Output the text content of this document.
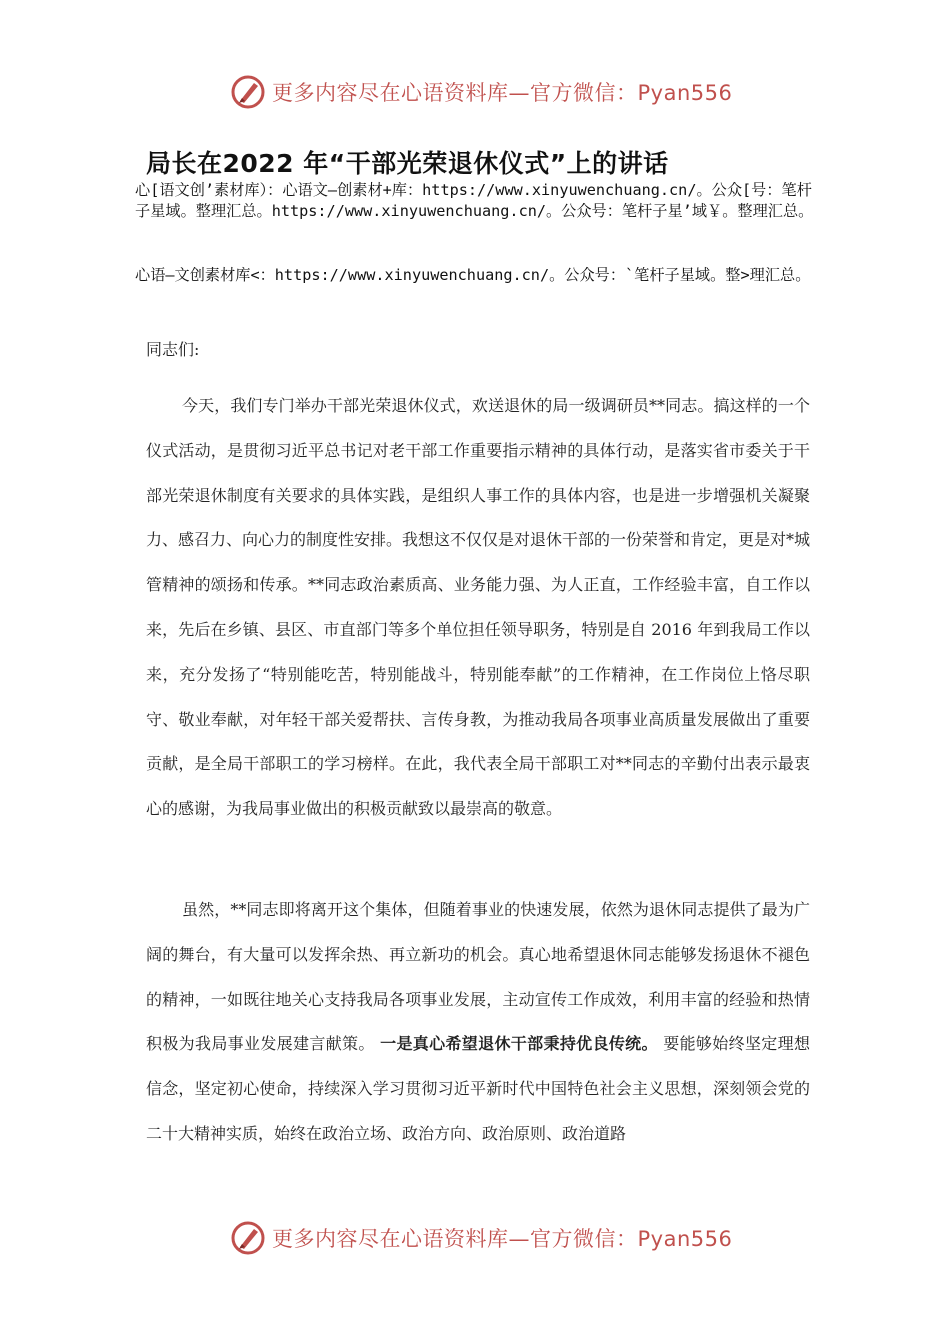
更多内容尽在心语资料库—官方微信：Pyan556
局长在2022 年“干部光荣退休仪式”上的讲话
心[语文创’素材库）：心语文—创素材+库：https://www.xinyuwenchuang.cn/。公众[号：笔杆子星域。整理汇总。https://www.xinyuwenchuang.cn/。公众号：笔杆子星’域￥。整理汇总。
心语—文创素材库<：https://www.xinyuwenchuang.cn/。公众号：`笔杆子星域。整>理汇总。
同志们:

今天，我们专门举办干部光荣退休仪式，欢送退休的局一级调研员**同志。搞这样的一个仪式活动，是贯彻习近平总书记对老干部工作重要指示精神的具体行动，是落实省市委关于干部光荣退休制度有关要求的具体实践，是组织人事工作的具体内容，也是进一步增强机关凝聚力、感召力、向心力的制度性安排。我想这不仅仅是对退休干部的一份荣誉和肯定，更是对*城管精神的颂扬和传承。**同志政治素质高、业务能力强、为人正直，工作经验丰富，自工作以来，先后在乡镇、县区、市直部门等多个单位担任领导职务，特别是自 2016 年到我局工作以来，充分发扬了“特别能吃苦，特别能战斗，特别能奉献”的工作精神，在工作岗位上恪尽职守、敬业奉献，对年轻干部关爱帮扶、言传身教，为推动我局各项事业高质量发展做出了重要贡献，是全局干部职工的学习榜样。在此，我代表全局干部职工对**同志的辛勤付出表示最衷心的感谢，为我局事业做出的积极贡献致以最崇高的敬意。

虽然，**同志即将离开这个集体，但随着事业的快速发展，依然为退休同志提供了最为广阔的舞台，有大量可以发挥余热、再立新功的机会。真心地希望退休同志能够发扬退休不褪色的精神，一如既往地关心支持我局各项事业发展，主动宣传工作成效，利用丰富的经验和热情积极为我局事业发展建言献策。 一是真心希望退休干部秉持优良传统。 要能够始终坚定理想信念，坚定初心使命，持续深入学习贯彻习近平新时代中国特色社会主义思想，深刻领会党的二十大精神实质，始终在政治立场、政治方向、政治原则、政治道路

更多内容尽在心语资料库—官方微信：Pyan556
